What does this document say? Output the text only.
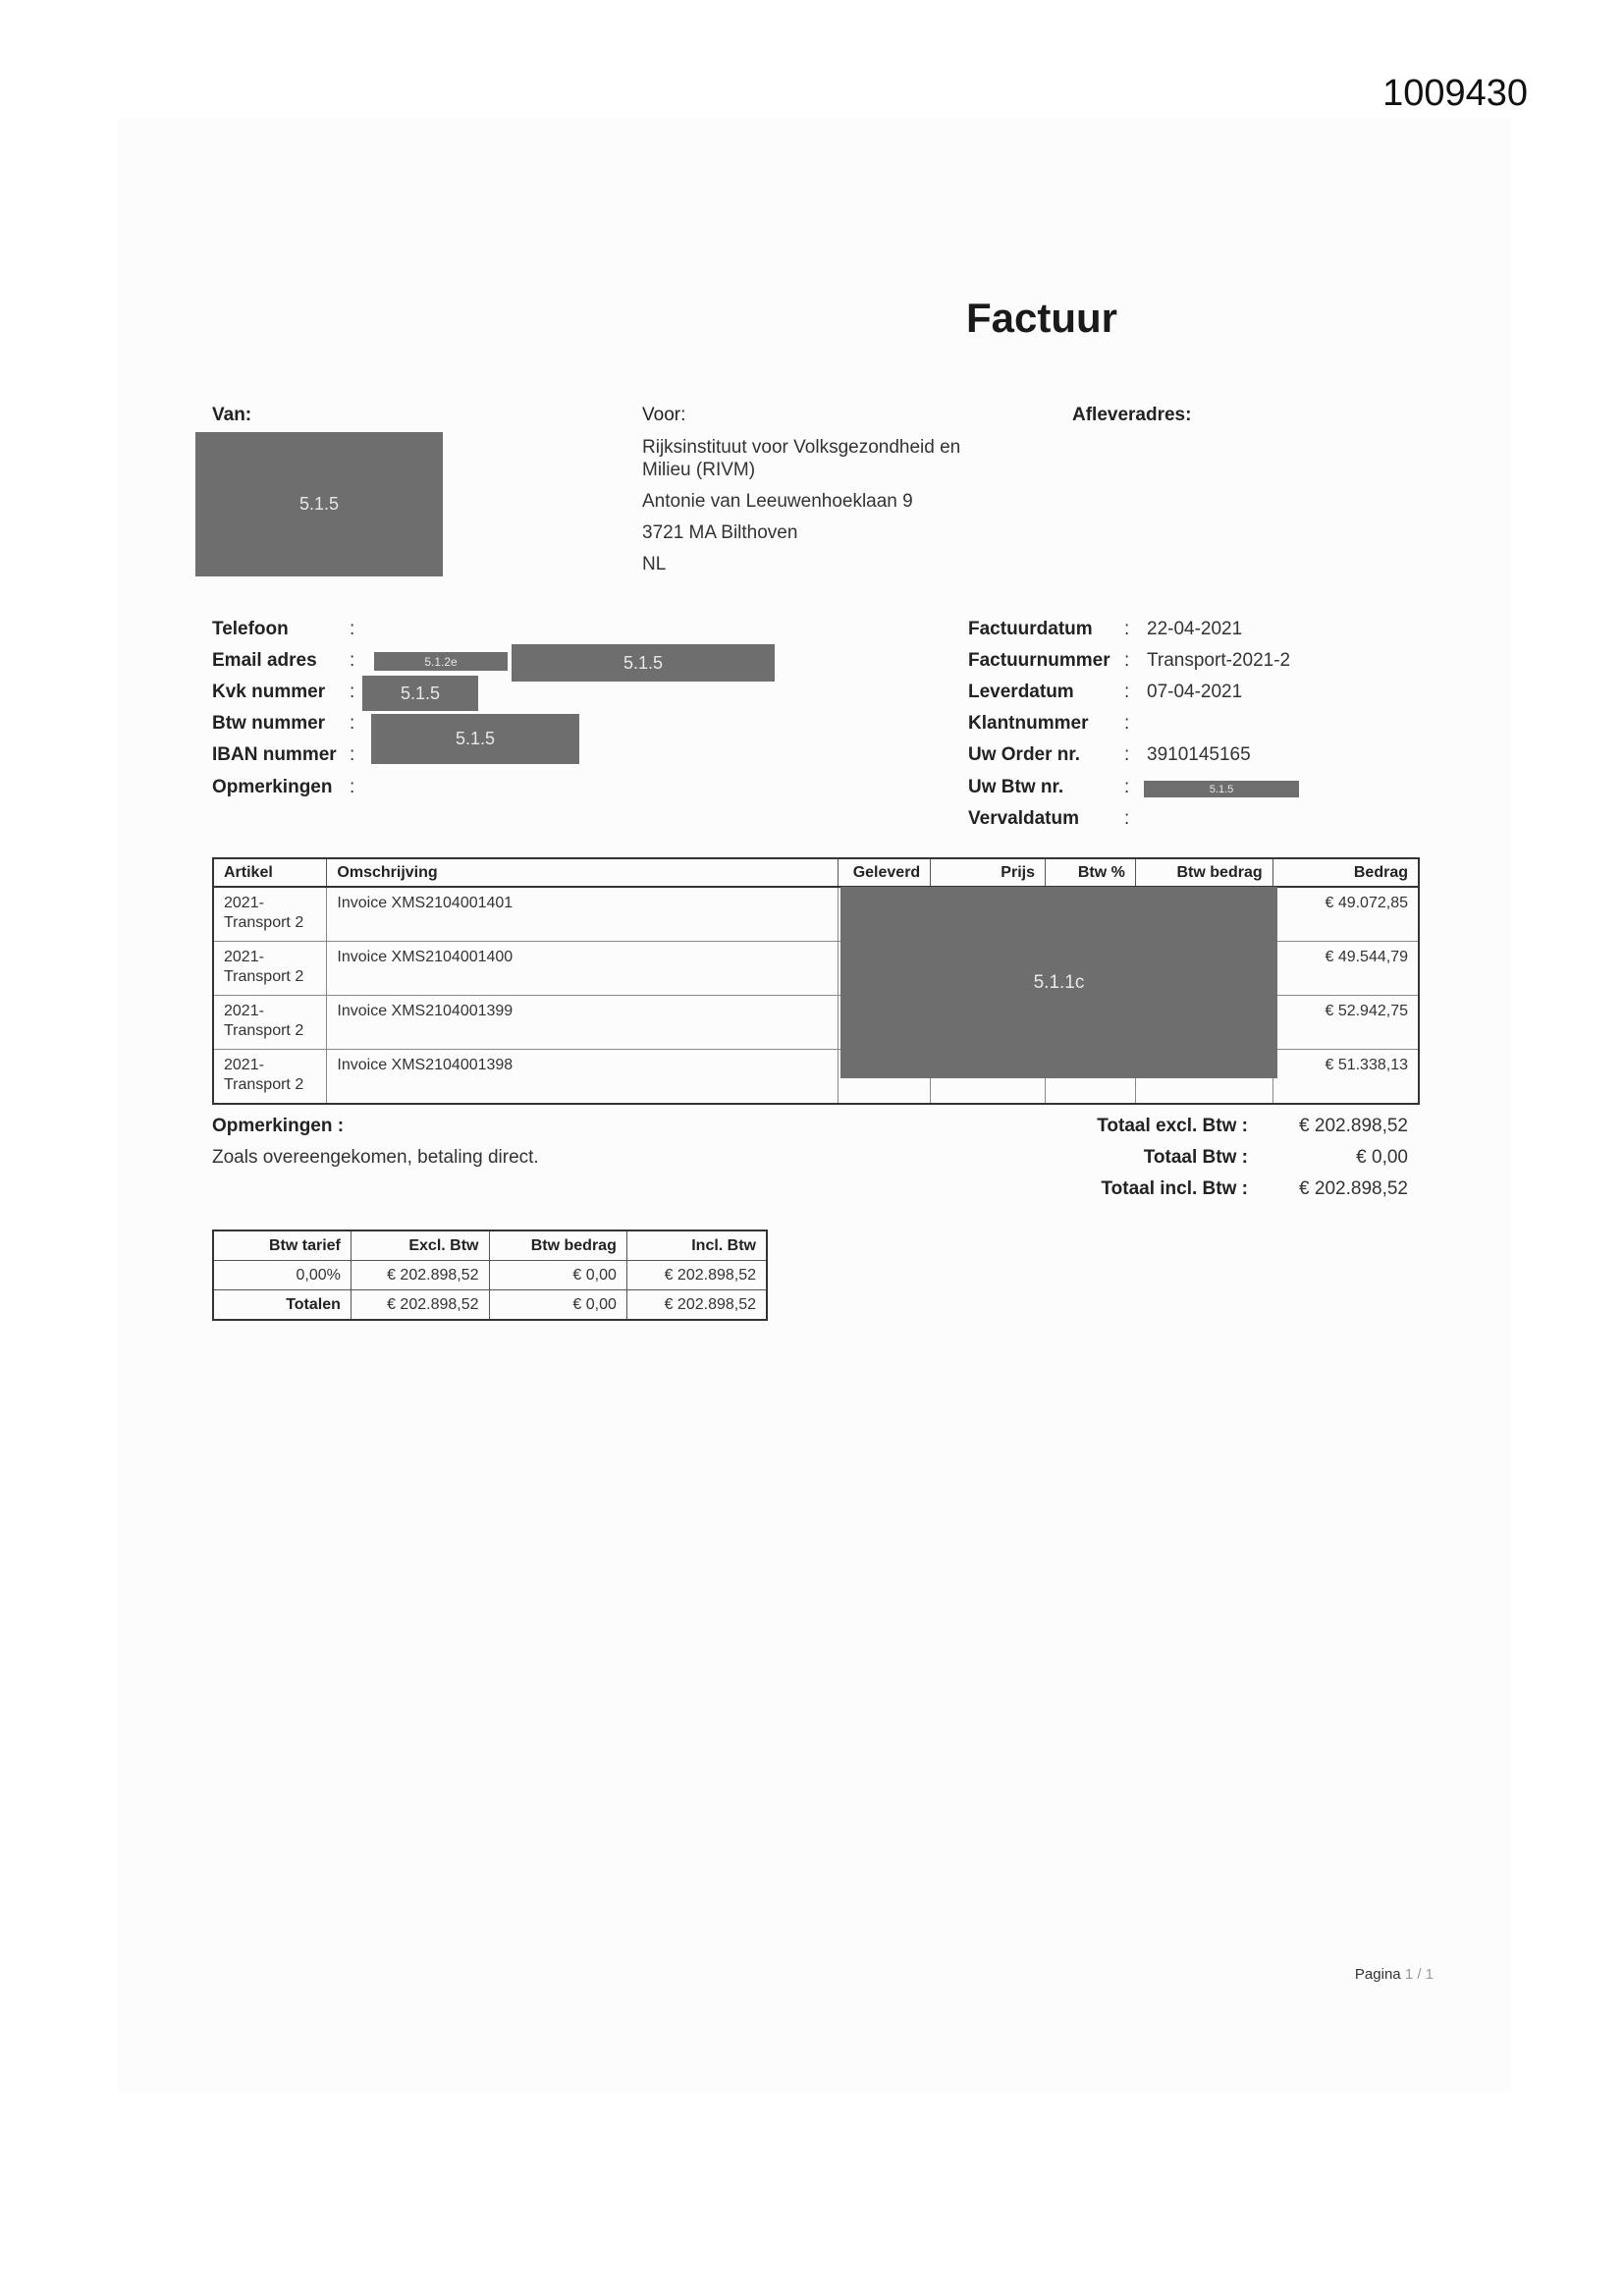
1009430
Factuur
Van:
5.1.5
Voor:
Rijksinstituut voor Volksgezondheid en
Milieu (RIVM)
Antonie van Leeuwenhoeklaan 9
3721 MA Bilthoven
NL
Afleveradres:
Telefoon	:
Email adres :	5.1.2e	5.1.5
Kvk nummer :	5.1.5
Btw nummer :
IBAN nummer :
5.1.5
Opmerkingen :
Factuurdatum : 22-04-2021
Factuurnummer : Transport-2021-2
Leverdatum	: 07-04-2021
Klantnummer :
Uw Order nr. : 3910145165
Uw Btw nr.	:	5.1.5
Vervaldatum :
Artikel	Omschrijving	Geleverd	Prijs	Btw %	Btw bedrag	Bedrag
2021-
Transport 2	Invoice XMS2104001401					€ 49.072,85
2021-
Transport 2	Invoice XMS2104001400					€ 49.544,79
2021-
Transport 2	Invoice XMS2104001399					€ 52.942,75
2021-
Transport 2	Invoice XMS2104001398					€ 51.338,13
5.1.1c
Opmerkingen :
Zoals overeengekomen, betaling direct.
Totaal excl. Btw :	€ 202.898,52
Totaal Btw :	€ 0,00
Totaal incl. Btw :	€ 202.898,52
Btw tarief	Excl. Btw	Btw bedrag	Incl. Btw
0,00%	€ 202.898,52	€ 0,00	€ 202.898,52
Totalen	€ 202.898,52	€ 0,00	€ 202.898,52
Pagina 1 / 1
